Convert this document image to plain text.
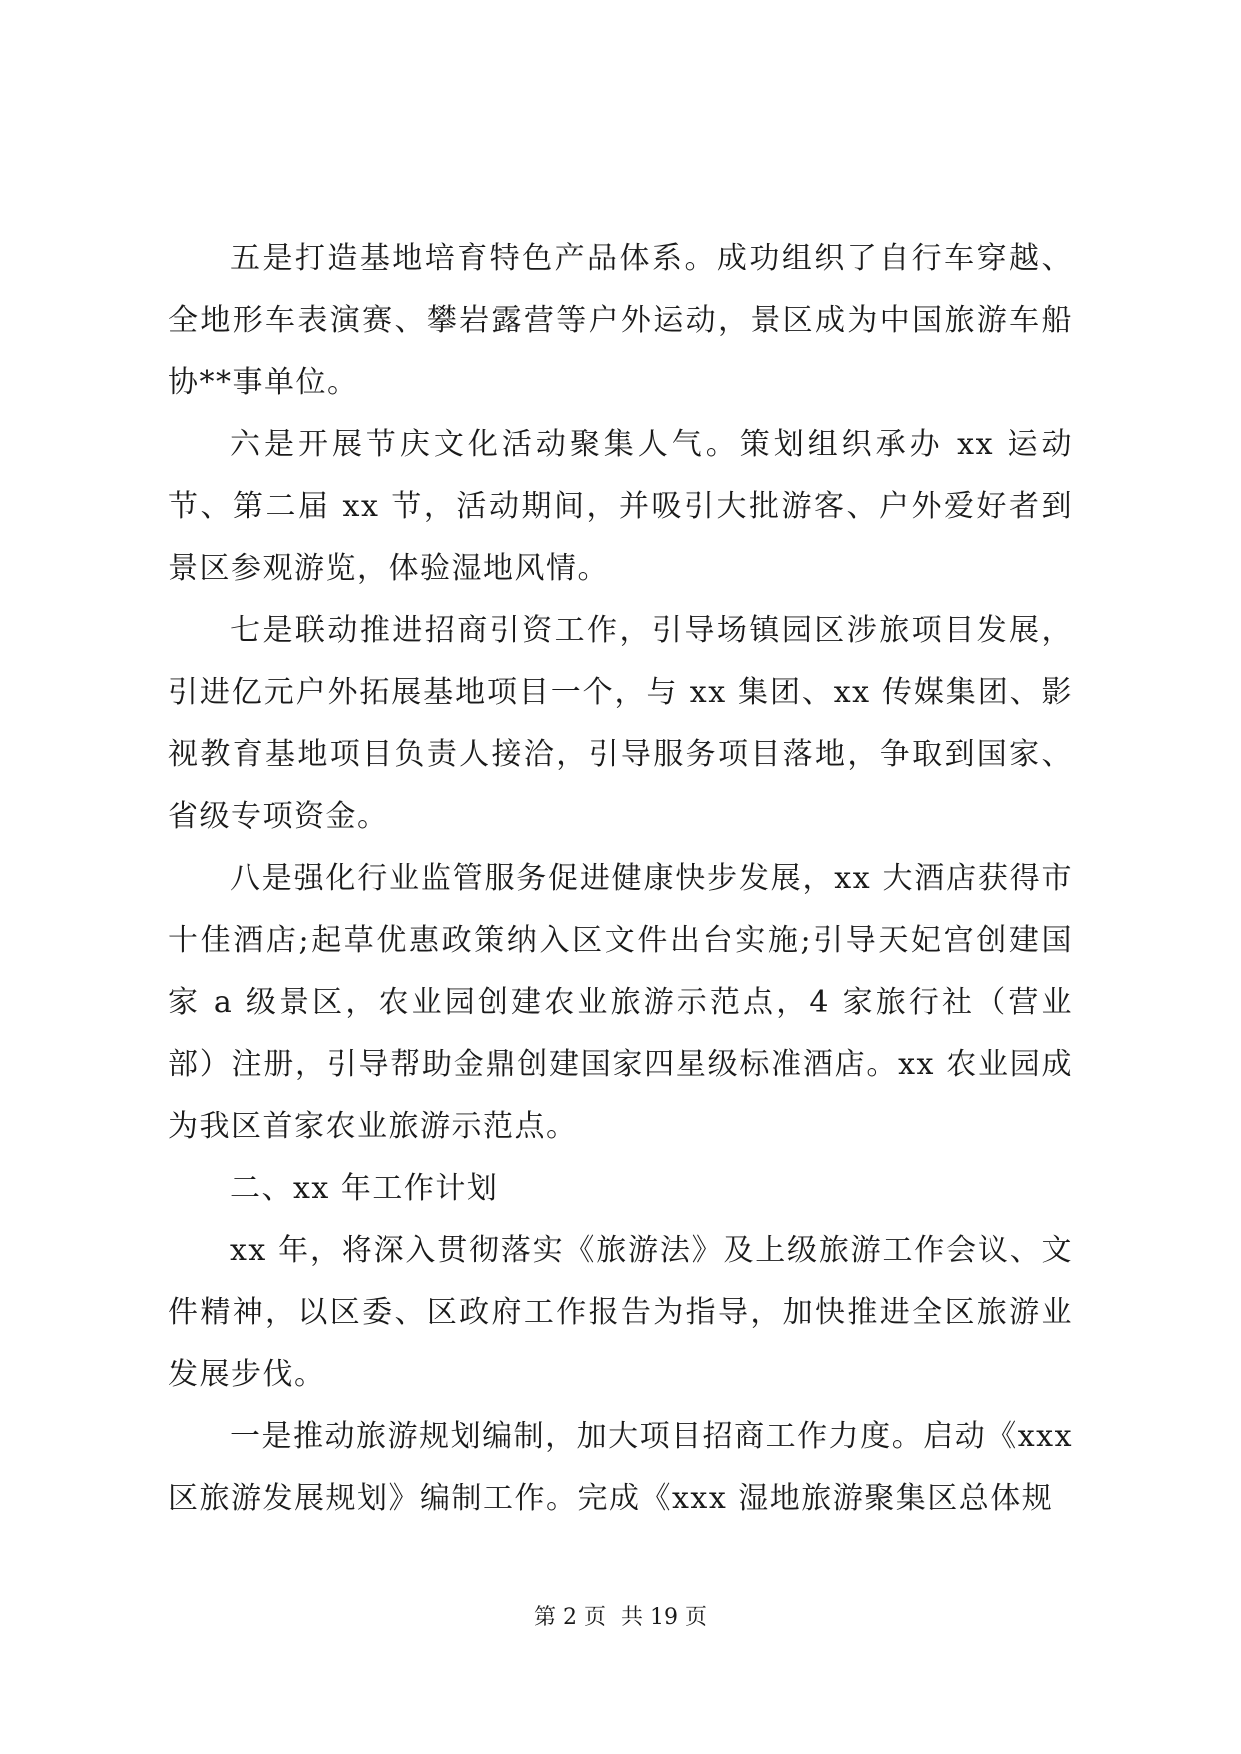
五是打造基地培育特色产品体系。成功组织了自行车穿越、全地形车表演赛、攀岩露营等户外运动，景区成为中国旅游车船协**事单位。

六是开展节庆文化活动聚集人气。策划组织承办 xx 运动节、第二届 xx 节，活动期间，并吸引大批游客、户外爱好者到景区参观游览，体验湿地风情。

七是联动推进招商引资工作，引导场镇园区涉旅项目发展，引进亿元户外拓展基地项目一个，与 xx 集团、xx 传媒集团、影视教育基地项目负责人接洽，引导服务项目落地，争取到国家、省级专项资金。

八是强化行业监管服务促进健康快步发展，xx 大酒店获得市十佳酒店;起草优惠政策纳入区文件出台实施;引导天妃宫创建国家 a 级景区，农业园创建农业旅游示范点，4 家旅行社（营业部）注册，引导帮助金鼎创建国家四星级标准酒店。xx 农业园成为我区首家农业旅游示范点。

二、xx 年工作计划

xx 年，将深入贯彻落实《旅游法》及上级旅游工作会议、文件精神，以区委、区政府工作报告为指导，加快推进全区旅游业发展步伐。

一是推动旅游规划编制，加大项目招商工作力度。启动《xxx区旅游发展规划》编制工作。完成《xxx 湿地旅游聚集区总体规

第 2 页 共 19 页
